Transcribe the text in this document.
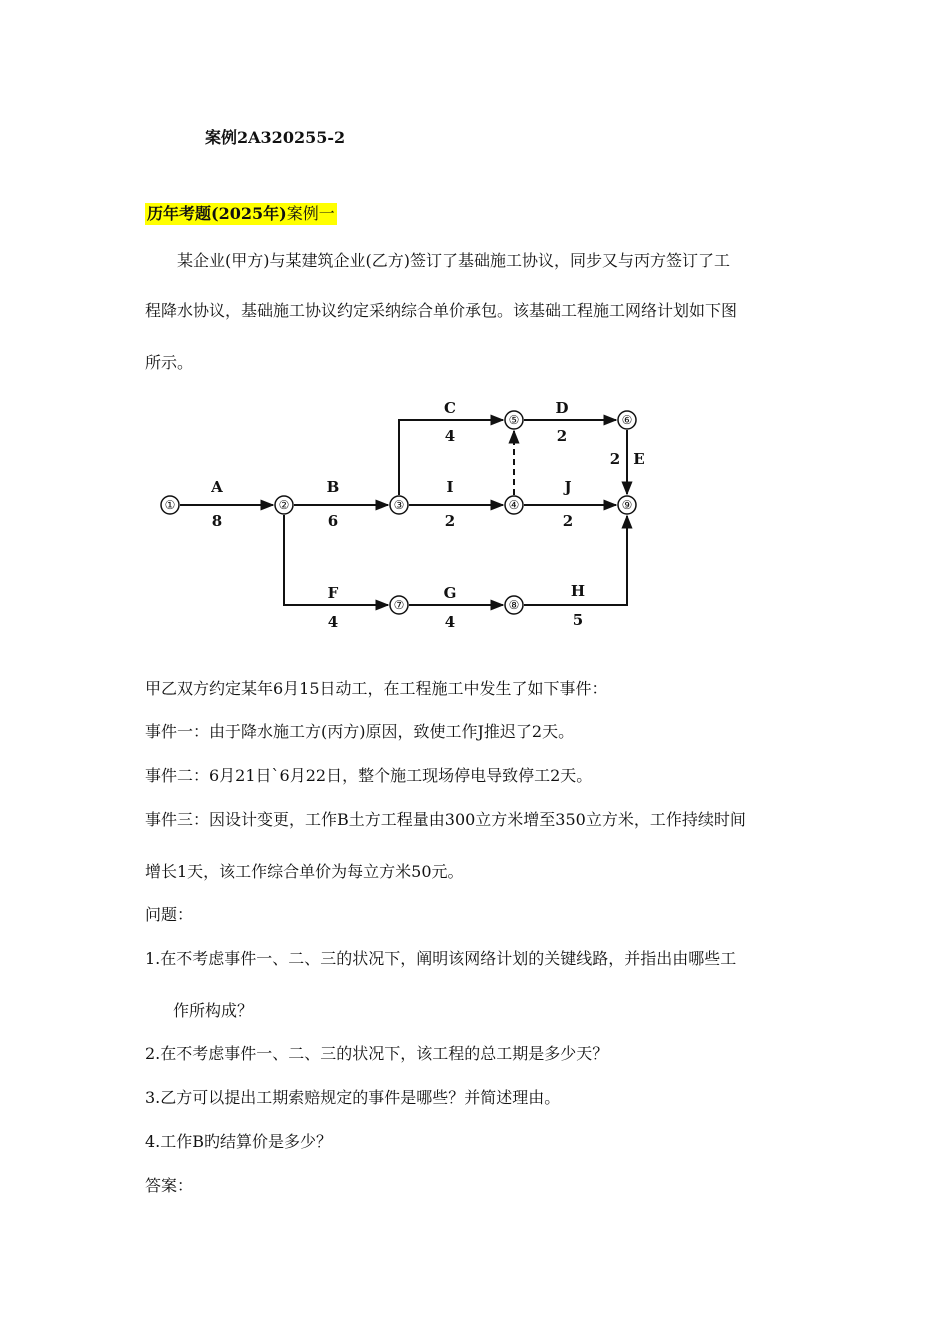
案例2A320255-2

历年考题(2025年)案例一

某企业(甲方)与某建筑企业(乙方)签订了基础施工协议，同步又与丙方签订了工

程降水协议，基础施工协议约定采纳综合单价承包。该基础工程施工网络计划如下图

所示。

①	②	③	④
⑤	⑥
⑦	⑧
⑨
A
8
B
6
C
4
D
2
2 E
I
2
J
2
F
4
G
4
H
5

甲乙双方约定某年6月15日动工，在工程施工中发生了如下事件：

事件一：由于降水施工方(丙方)原因，致使工作J推迟了2天。

事件二：6月21日`6月22日，整个施工现场停电导致停工2天。

事件三：因设计变更，工作B土方工程量由300立方米增至350立方米，工作持续时间

增长1天，该工作综合单价为每立方米50元。

问题：

1.在不考虑事件一、二、三的状况下，阐明该网络计划的关键线路，并指出由哪些工

作所构成？

2.在不考虑事件一、二、三的状况下，该工程的总工期是多少天？

3.乙方可以提出工期索赔规定的事件是哪些？并简述理由。

4.工作B旳结算价是多少？

答案：
